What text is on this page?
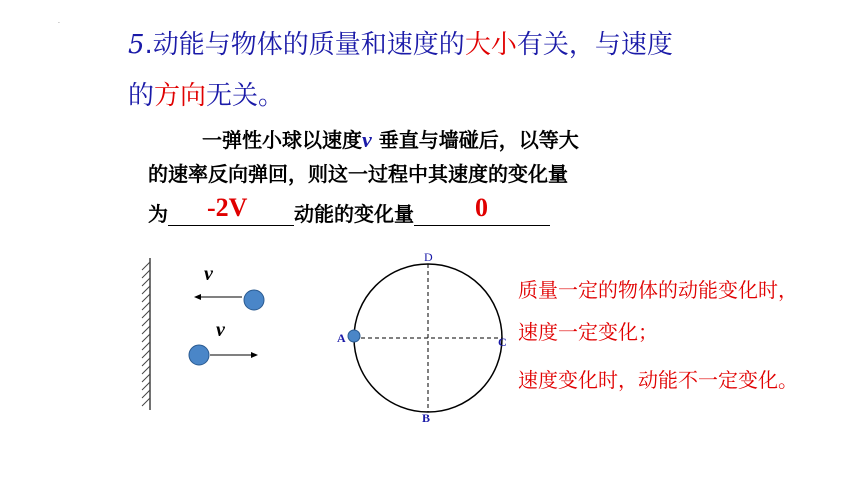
.
5.动能与物体的质量和速度的大小有关，与速度
的方向无关。
一弹性小球以速度v 垂直与墙碰后，以等大
的速率反向弹回，则这一过程中其速度的变化量
为	动能的变化量
-2V	0
v
v
D
B
A	C
质量一定的物体的动能变化时，
速度一定变化；
速度变化时，动能不一定变化。
